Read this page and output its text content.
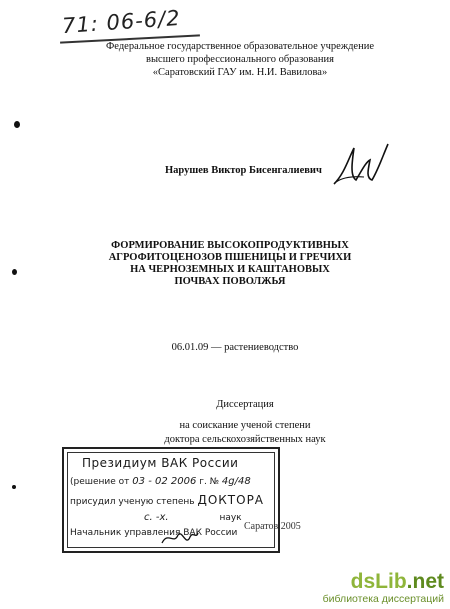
71: 06-6/2
Федеральное государственное образовательное учреждение
высшего профессионального образования
«Саратовский ГАУ им. Н.И. Вавилова»
Нарушев Виктор Бисенгалиевич
ФОРМИРОВАНИЕ ВЫСОКОПРОДУКТИВНЫХ
АГРОФИТОЦЕНОЗОВ ПШЕНИЦЫ И ГРЕЧИХИ
НА ЧЕРНОЗЕМНЫХ И КАШТАНОВЫХ
ПОЧВАХ ПОВОЛЖЬЯ
06.01.09 — растениеводство
Диссертация
на соискание ученой степени
доктора сельскохозяйственных наук
Президиум ВАК России
(решение от 03 - 02 2006 г. № 4g/48
присудил ученую степень ДОКТОРА
с. -х.	наук
Начальник управления ВАК России
Саратов 2005
dsLib.net
библиотека диссертаций
